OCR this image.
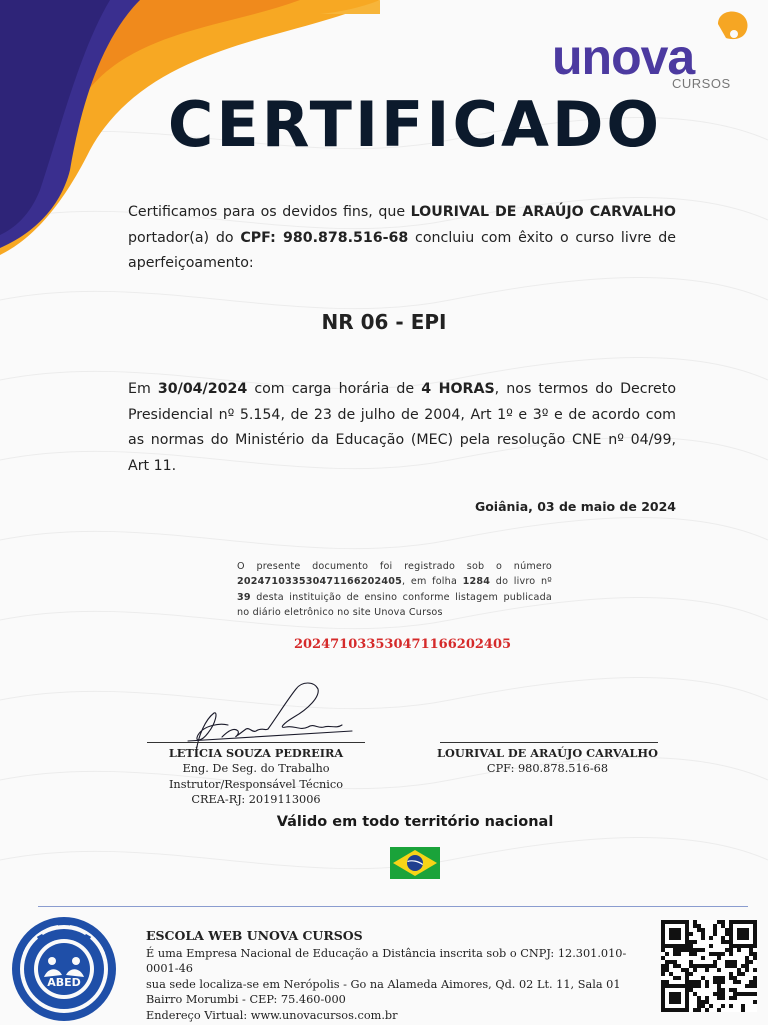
unova
CURSOS
CERTIFICADO
Certificamos para os devidos fins, que LOURIVAL DE ARAÚJO CARVALHO portador(a) do CPF: 980.878.516-68 concluiu com êxito o curso livre de aperfeiçoamento:
NR 06 - EPI
Em 30/04/2024 com carga horária de 4 HORAS, nos termos do Decreto Presidencial nº 5.154, de 23 de julho de 2004, Art 1º e 3º e de acordo com as normas do Ministério da Educação (MEC) pela resolução CNE nº 04/99, Art 11.
Goiânia, 03 de maio de 2024
O presente documento foi registrado sob o número 202471033530471166202405, em folha 1284 do livro nº 39 desta instituição de ensino conforme listagem publicada no diário eletrônico no site Unova Cursos
202471033530471166202405
LETÍCIA SOUZA PEDREIRA
Eng. De Seg. do Trabalho
Instrutor/Responsável Técnico
CREA-RJ: 2019113006
LOURIVAL DE ARAÚJO CARVALHO
CPF: 980.878.516-68
Válido em todo território nacional
ABED
ESCOLA WEB UNOVA CURSOS
É uma Empresa Nacional de Educação a Distância inscrita sob o CNPJ: 12.301.010-0001-46
sua sede localiza-se em Nerópolis - Go na Alameda Aimores, Qd. 02 Lt. 11, Sala 01
Bairro Morumbi - CEP: 75.460-000
Endereço Virtual: www.unovacursos.com.br
